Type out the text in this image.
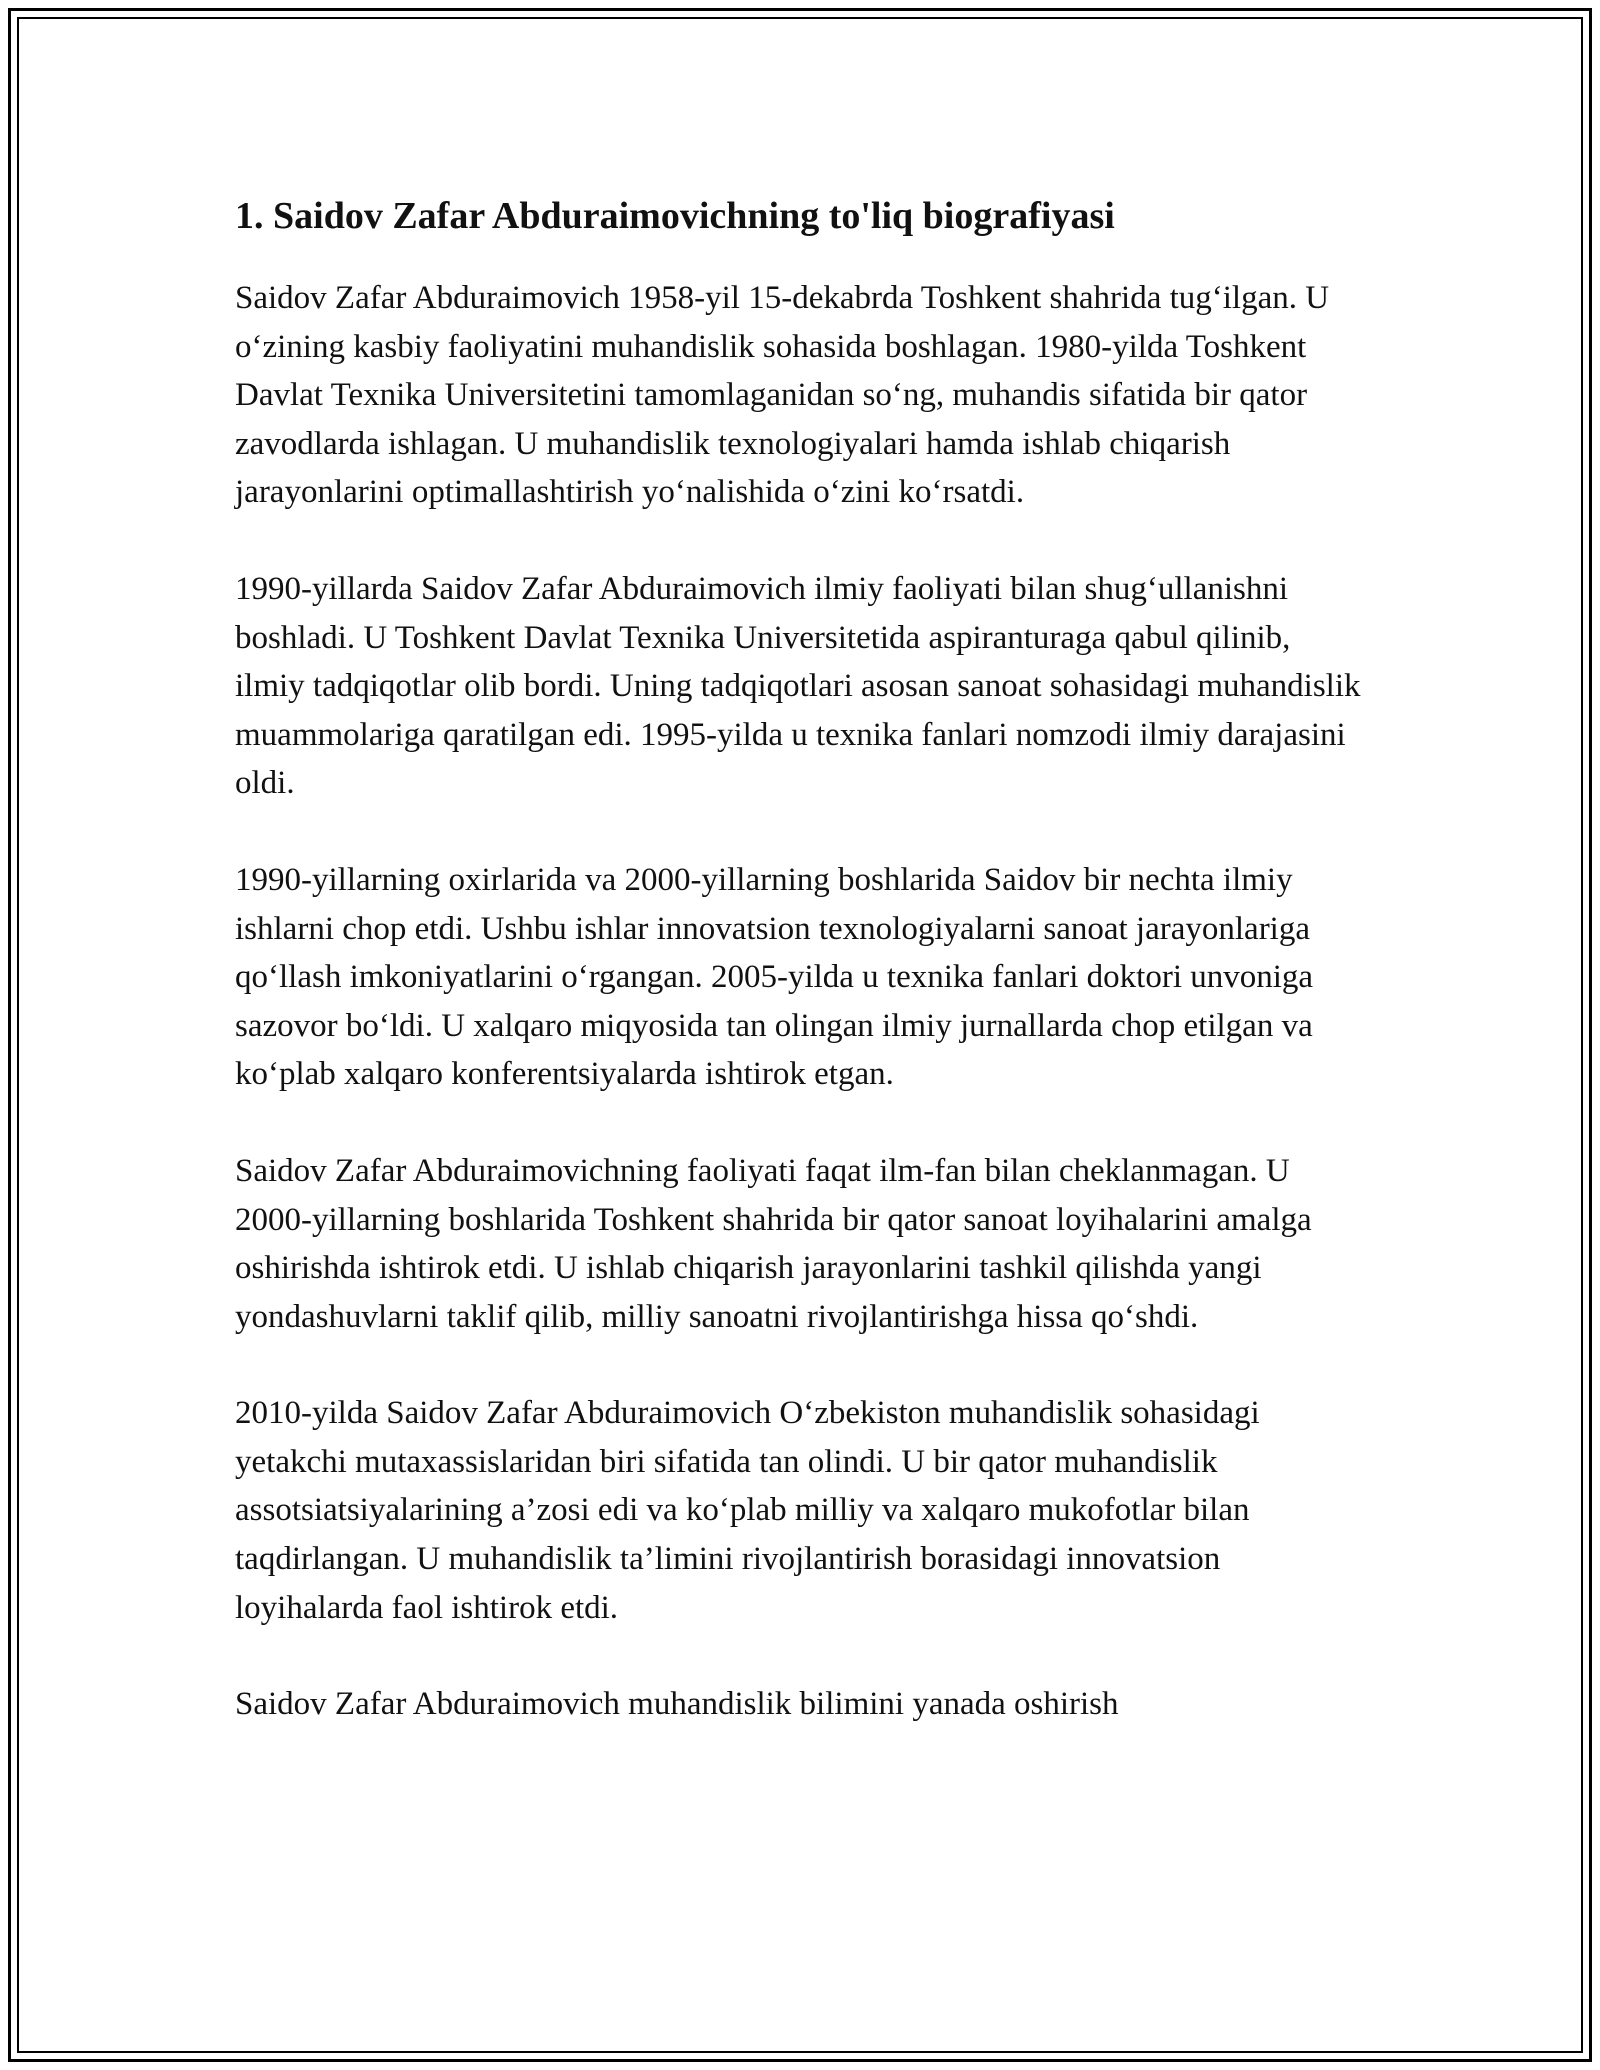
1. Saidov Zafar Abduraimovichning to'liq biografiyasi

Saidov Zafar Abduraimovich 1958-yil 15-dekabrda Toshkent shahrida tug‘ilgan. U o‘zining kasbiy faoliyatini muhandislik sohasida boshlagan. 1980-yilda Toshkent Davlat Texnika Universitetini tamomlaganidan so‘ng, muhandis sifatida bir qator zavodlarda ishlagan. U muhandislik texnologiyalari hamda ishlab chiqarish jarayonlarini optimallashtirish yo‘nalishida o‘zini ko‘rsatdi.

1990-yillarda Saidov Zafar Abduraimovich ilmiy faoliyati bilan shug‘ullanishni boshladi. U Toshkent Davlat Texnika Universitetida aspiranturaga qabul qilinib, ilmiy tadqiqotlar olib bordi. Uning tadqiqotlari asosan sanoat sohasidagi muhandislik muammolariga qaratilgan edi. 1995-yilda u texnika fanlari nomzodi ilmiy darajasini oldi.

1990-yillarning oxirlarida va 2000-yillarning boshlarida Saidov bir nechta ilmiy ishlarni chop etdi. Ushbu ishlar innovatsion texnologiyalarni sanoat jarayonlariga qo‘llash imkoniyatlarini o‘rgangan. 2005-yilda u texnika fanlari doktori unvoniga sazovor bo‘ldi. U xalqaro miqyosida tan olingan ilmiy jurnallarda chop etilgan va ko‘plab xalqaro konferentsiyalarda ishtirok etgan.

Saidov Zafar Abduraimovichning faoliyati faqat ilm-fan bilan cheklanmagan. U 2000-yillarning boshlarida Toshkent shahrida bir qator sanoat loyihalarini amalga oshirishda ishtirok etdi. U ishlab chiqarish jarayonlarini tashkil qilishda yangi yondashuvlarni taklif qilib, milliy sanoatni rivojlantirishga hissa qo‘shdi.

2010-yilda Saidov Zafar Abduraimovich O‘zbekiston muhandislik sohasidagi yetakchi mutaxassislaridan biri sifatida tan olindi. U bir qator muhandislik assotsiatsiyalarining a’zosi edi va ko‘plab milliy va xalqaro mukofotlar bilan taqdirlangan. U muhandislik ta’limini rivojlantirish borasidagi innovatsion loyihalarda faol ishtirok etdi.

Saidov Zafar Abduraimovich muhandislik bilimini yanada oshirish
